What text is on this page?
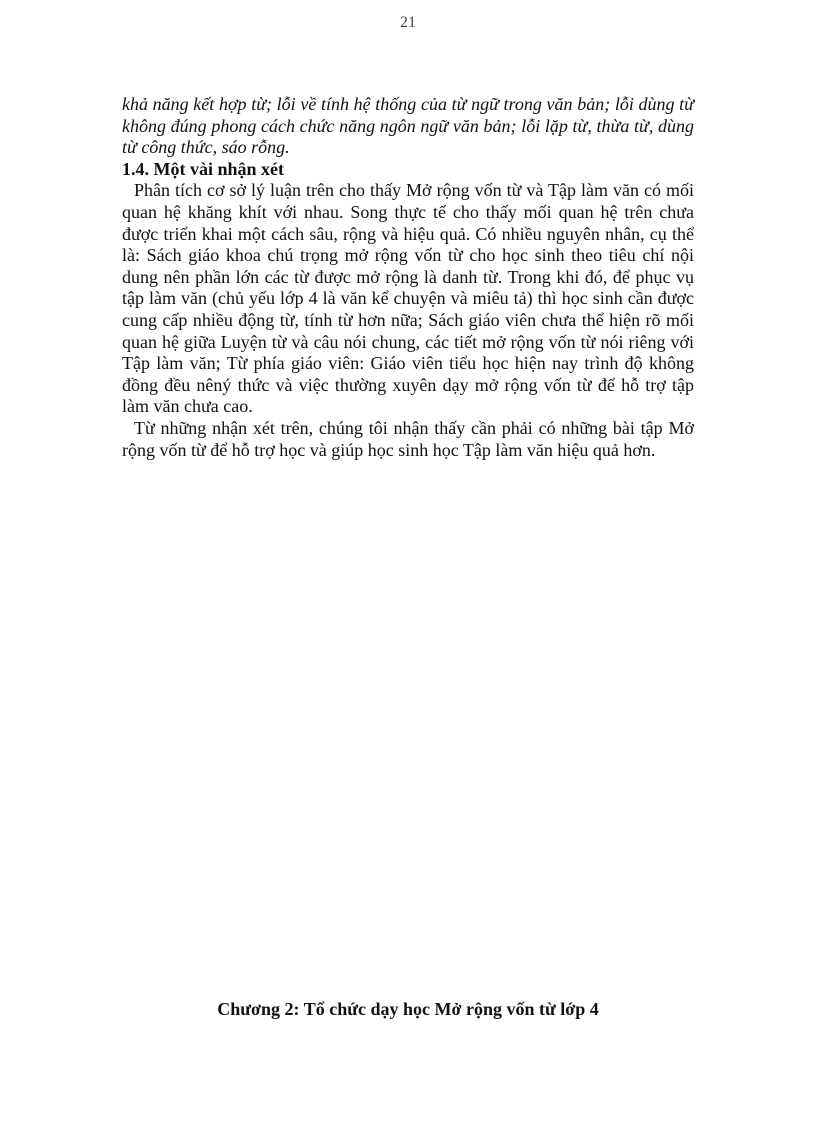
21

khả năng kết hợp từ; lỗi về tính hệ thống của từ ngữ trong văn bản; lỗi dùng từ không đúng phong cách chức năng ngôn ngữ văn bản; lỗi lặp từ, thừa từ, dùng từ công thức, sáo rỗng.

1.4. Một vài nhận xét

Phân tích cơ sở lý luận trên cho thấy Mở rộng vốn từ và Tập làm văn có mối quan hệ khăng khít với nhau. Song thực tế cho thấy mối quan hệ trên chưa được triển khai một cách sâu, rộng và hiệu quả. Có nhiều nguyên nhân, cụ thể là: Sách giáo khoa chú trọng mở rộng vốn từ cho học sinh theo tiêu chí nội dung nên phần lớn các từ được mở rộng là danh từ. Trong khi đó, để phục vụ tập làm văn (chủ yếu lớp 4 là văn kể chuyện và miêu tả) thì học sinh cần được cung cấp nhiều động từ, tính từ hơn nữa; Sách giáo viên chưa thể hiện rõ mối quan hệ giữa Luyện từ và câu nói chung, các tiết mở rộng vốn từ nói riêng với Tập làm văn; Từ phía giáo viên: Giáo viên tiểu học hiện nay trình độ không đồng đều nêný thức và việc thường xuyên dạy mở rộng vốn từ để hỗ trợ tập làm văn chưa cao.

Từ những nhận xét trên, chúng tôi nhận thấy cần phải có những bài tập Mở rộng vốn từ để hỗ trợ học và giúp học sinh học Tập làm văn hiệu quả hơn.

Chương 2: Tổ chức dạy học Mở rộng vốn từ lớp 4
